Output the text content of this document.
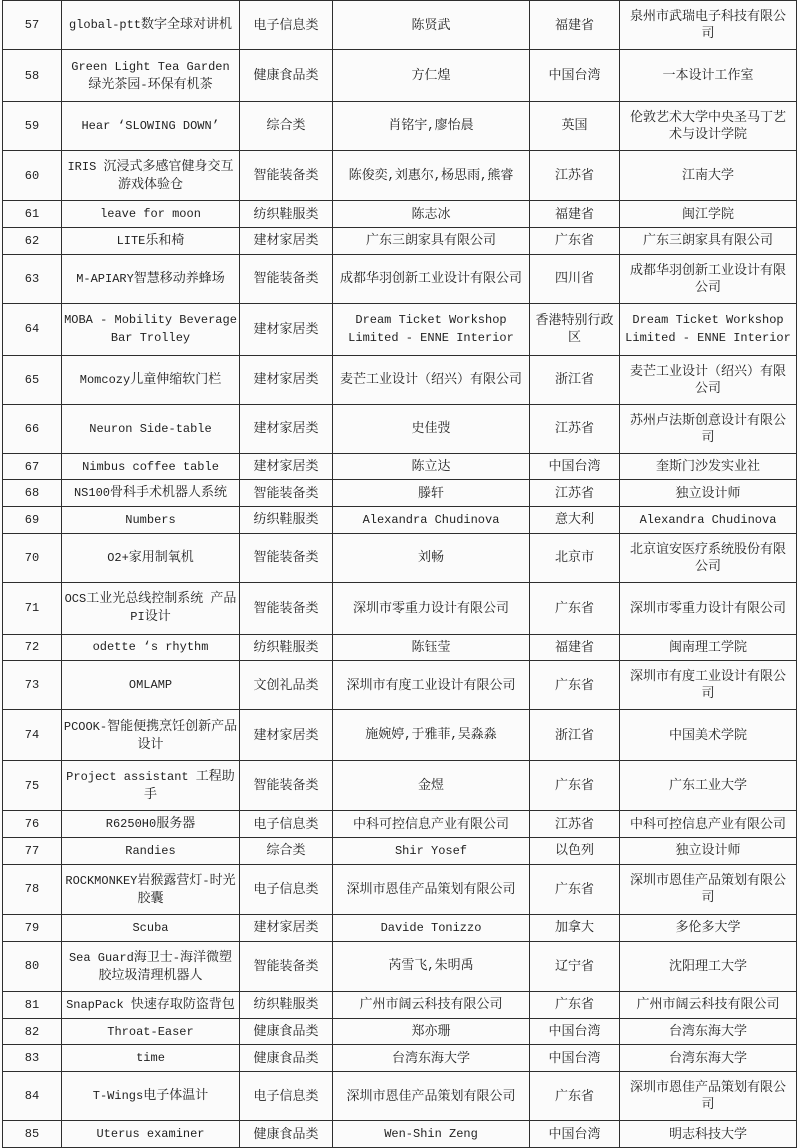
57	global-ptt数字全球对讲机	电子信息类	陈贤武	福建省	泉州市武瑞电子科技有限公司
58	Green Light Tea Garden 绿光茶园-环保有机茶	健康食品类	方仁煌	中国台湾	一本设计工作室
59	Hear ‘SLOWING DOWN’	综合类	肖铭宇,廖怡晨	英国	伦敦艺术大学中央圣马丁艺术与设计学院
60	IRIS 沉浸式多感官健身交互游戏体验仓	智能装备类	陈俊奕,刘惠尔,杨思雨,熊睿	江苏省	江南大学
61	leave for moon	纺织鞋服类	陈志冰	福建省	闽江学院
62	LITE乐和椅	建材家居类	广东三朗家具有限公司	广东省	广东三朗家具有限公司
63	M-APIARY智慧移动养蜂场	智能装备类	成都华羽创新工业设计有限公司	四川省	成都华羽创新工业设计有限公司
64	MOBA - Mobility Beverage Bar Trolley	建材家居类	Dream Ticket Workshop Limited - ENNE Interior	香港特别行政区	Dream Ticket Workshop Limited - ENNE Interior
65	Momcozy儿童伸缩软门栏	建材家居类	麦芒工业设计（绍兴）有限公司	浙江省	麦芒工业设计（绍兴）有限公司
66	Neuron Side-table	建材家居类	史佳弢	江苏省	苏州卢法斯创意设计有限公司
67	Nimbus coffee table	建材家居类	陈立达	中国台湾	奎斯门沙发实业社
68	NS100骨科手术机器人系统	智能装备类	滕轩	江苏省	独立设计师
69	Numbers	纺织鞋服类	Alexandra Chudinova	意大利	Alexandra Chudinova
70	O2+家用制氧机	智能装备类	刘畅	北京市	北京谊安医疗系统股份有限公司
71	OCS工业光总线控制系统 产品PI设计	智能装备类	深圳市零重力设计有限公司	广东省	深圳市零重力设计有限公司
72	odette ‘s rhythm	纺织鞋服类	陈钰莹	福建省	闽南理工学院
73	OMLAMP	文创礼品类	深圳市有度工业设计有限公司	广东省	深圳市有度工业设计有限公司
74	PCOOK-智能便携烹饪创新产品设计	建材家居类	施婉婷,于雅菲,吴淼淼	浙江省	中国美术学院
75	Project assistant 工程助手	智能装备类	金煜	广东省	广东工业大学
76	R6250H0服务器	电子信息类	中科可控信息产业有限公司	江苏省	中科可控信息产业有限公司
77	Randies	综合类	Shir Yosef	以色列	独立设计师
78	ROCKMONKEY岩猴露营灯-时光胶囊	电子信息类	深圳市恩佳产品策划有限公司	广东省	深圳市恩佳产品策划有限公司
79	Scuba	建材家居类	Davide Tonizzo	加拿大	多伦多大学
80	Sea Guard海卫士-海洋微塑胶垃圾清理机器人	智能装备类	芮雪飞,朱明禹	辽宁省	沈阳理工大学
81	SnapPack 快速存取防盗背包	纺织鞋服类	广州市阔云科技有限公司	广东省	广州市阔云科技有限公司
82	Throat-Easer	健康食品类	郑亦珊	中国台湾	台湾东海大学
83	time	健康食品类	台湾东海大学	中国台湾	台湾东海大学
84	T-Wings电子体温计	电子信息类	深圳市恩佳产品策划有限公司	广东省	深圳市恩佳产品策划有限公司
85	Uterus examiner	健康食品类	Wen-Shin Zeng	中国台湾	明志科技大学
